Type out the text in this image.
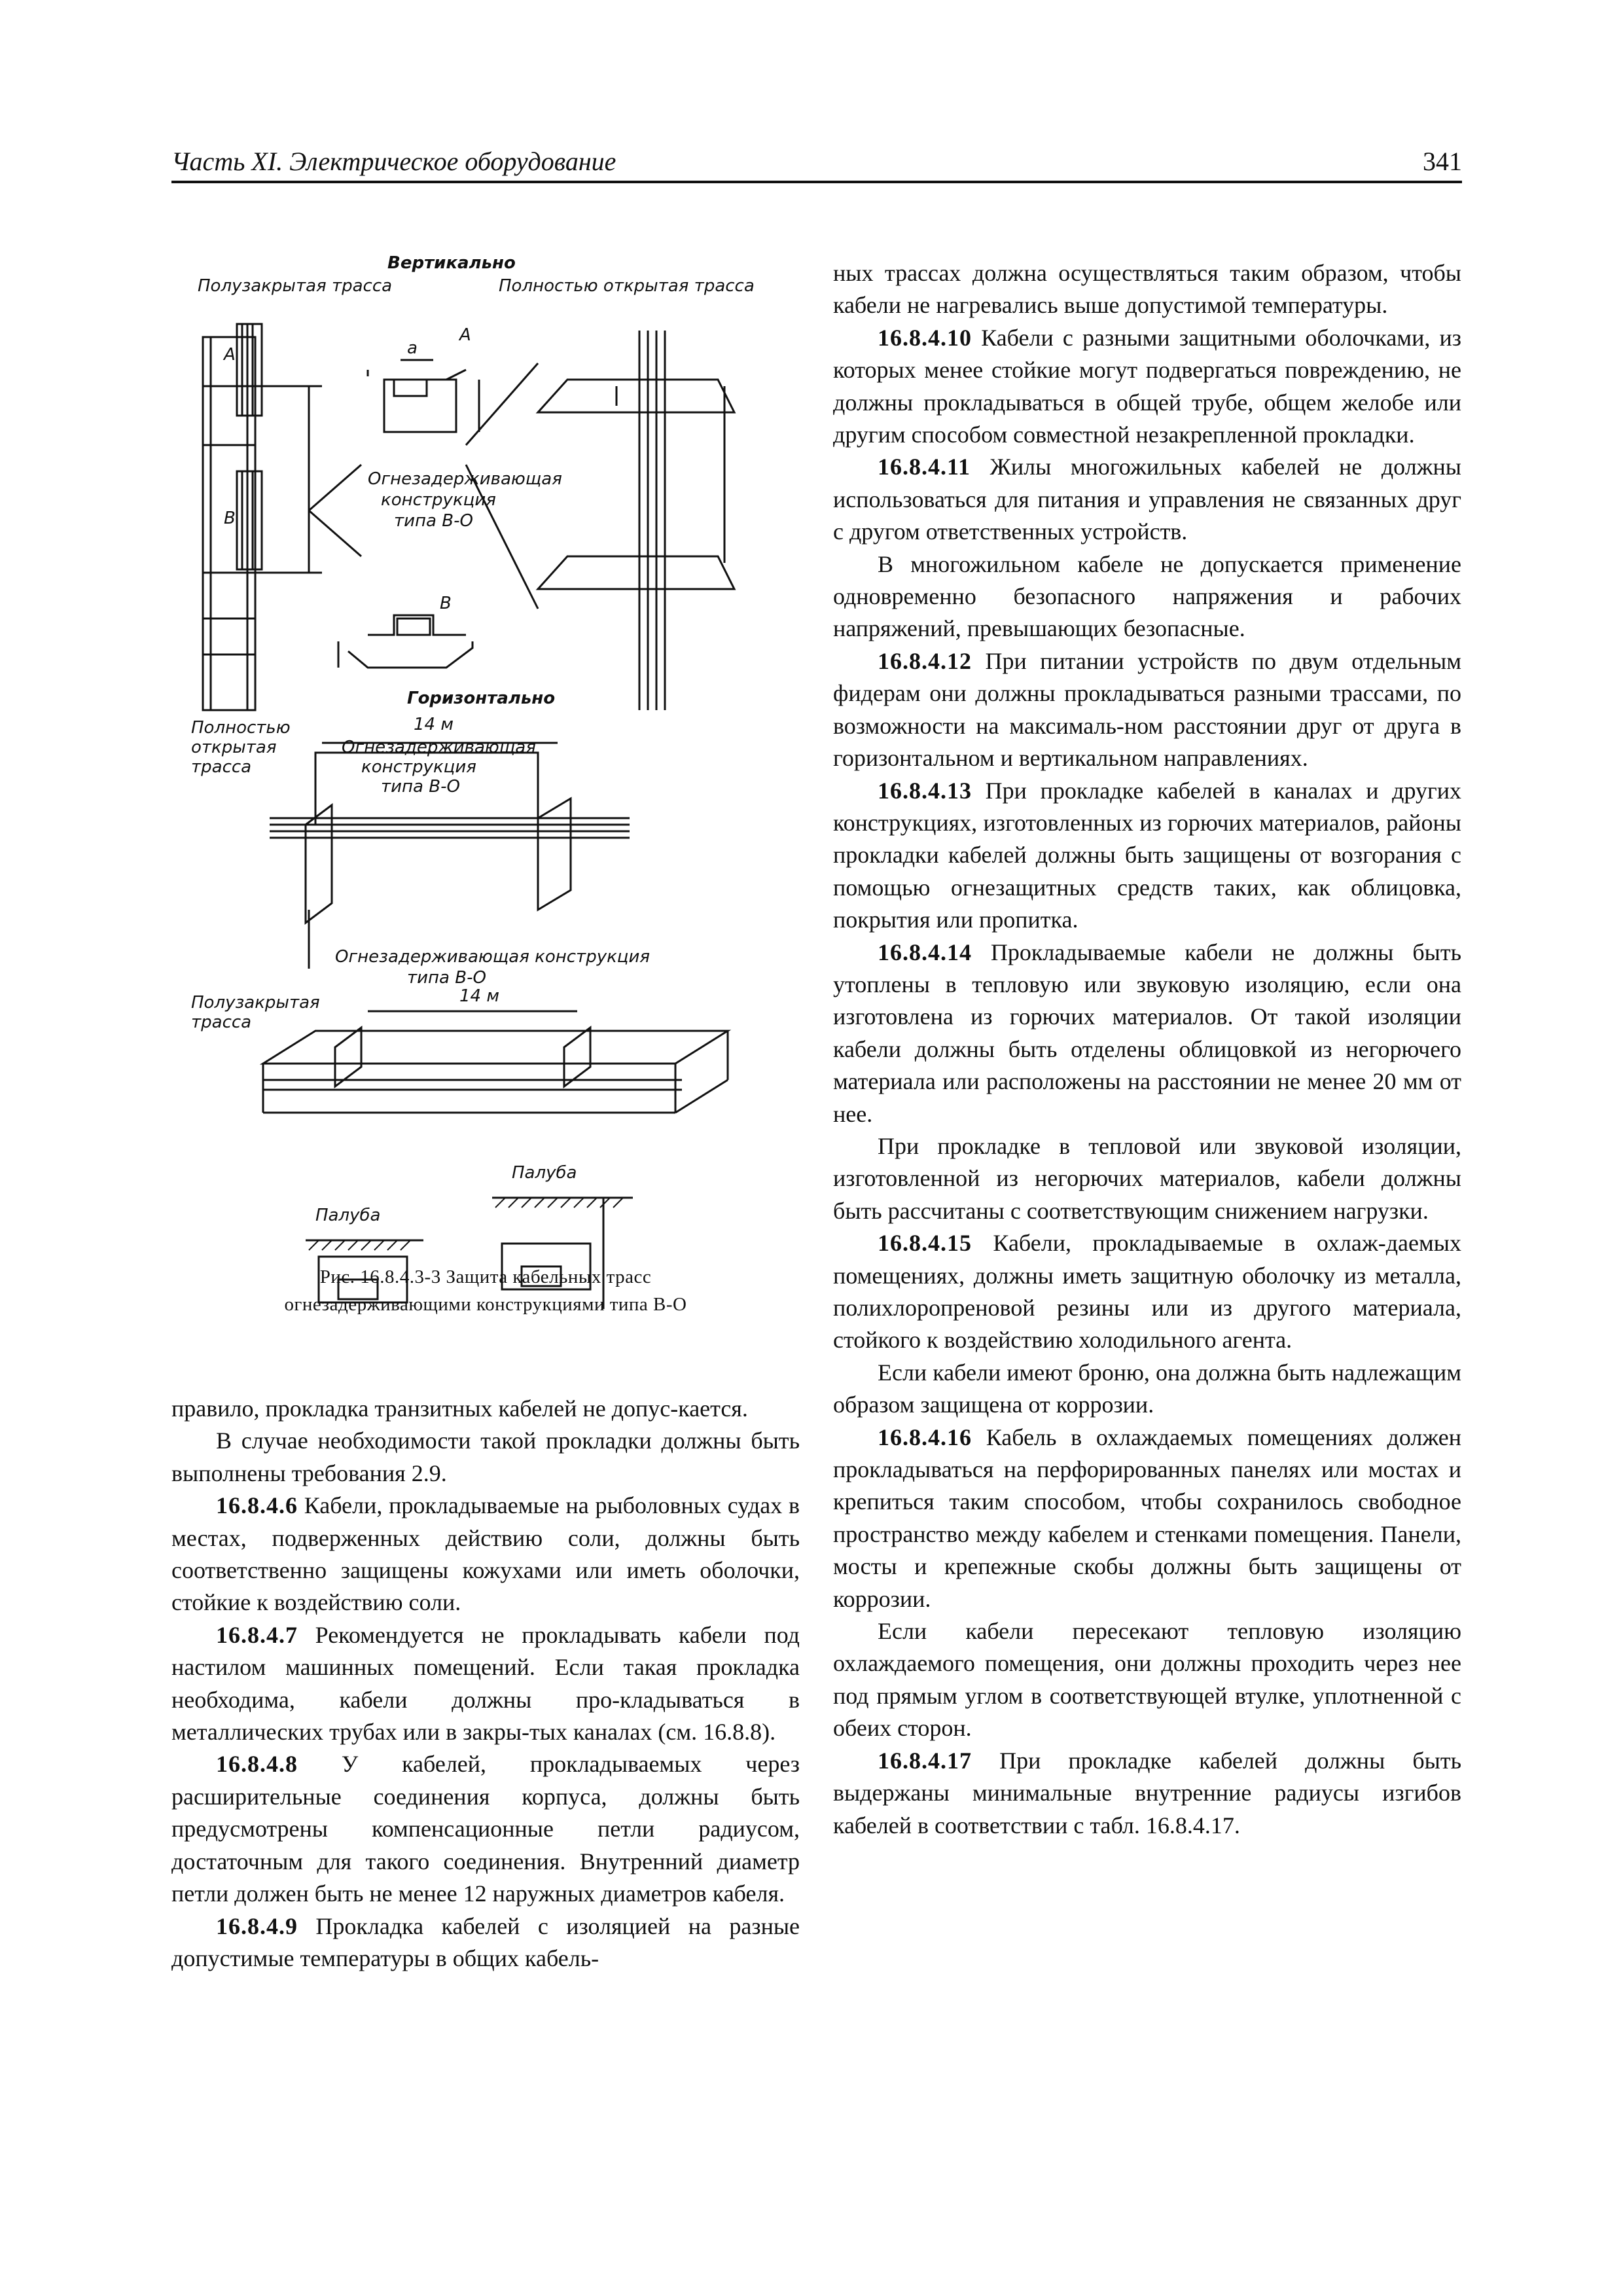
Часть XI. Электрическое оборудование	341
Вертикально
Полузакрытая трасса	Полностью открытая трасса
А
А
а
В
В
Огнезадерживающая
конструкция
типа В-О
Горизонтально
Полностью
открытая
трасса
14 м
Огнезадерживающая
конструкция
типа В-О
Огнезадерживающая конструкция
типа В-О
14 м
Полузакрытая
трасса
Палуба
Палуба
Рис. 16.8.4.3-3 Защита кабельных трасс
огнезадерживающими конструкциями типа В-О

правило, прокладка транзитных кабелей не допус-кается.

В случае необходимости такой прокладки должны быть выполнены требования 2.9.

16.8.4.6 Кабели, прокладываемые на рыболовных судах в местах, подверженных действию соли, должны быть соответственно защищены кожухами или иметь оболочки, стойкие к воздействию соли.

16.8.4.7 Рекомендуется не прокладывать кабели под настилом машинных помещений. Если такая прокладка необходима, кабели должны про-кладываться в металлических трубах или в закры-тых каналах (см. 16.8.8).

16.8.4.8 У кабелей, прокладываемых через расширительные соединения корпуса, должны быть предусмотрены компенсационные петли радиусом, достаточным для такого соединения. Внутренний диаметр петли должен быть не менее 12 наружных диаметров кабеля.

16.8.4.9 Прокладка кабелей с изоляцией на разные допустимые температуры в общих кабель-

ных трассах должна осуществляться таким образом, чтобы кабели не нагревались выше допустимой температуры.

16.8.4.10 Кабели с разными защитными оболочками, из которых менее стойкие могут подвергаться повреждению, не должны прокладываться в общей трубе, общем желобе или другим способом совместной незакрепленной прокладки.

16.8.4.11 Жилы многожильных кабелей не должны использоваться для питания и управления не связанных друг с другом ответственных устройств.

В многожильном кабеле не допускается применение одновременно безопасного напряжения и рабочих напряжений, превышающих безопасные.

16.8.4.12 При питании устройств по двум отдельным фидерам они должны прокладываться разными трассами, по возможности на максималь-ном расстоянии друг от друга в горизонтальном и вертикальном направлениях.

16.8.4.13 При прокладке кабелей в каналах и других конструкциях, изготовленных из горючих материалов, районы прокладки кабелей должны быть защищены от возгорания с помощью огнезащитных средств таких, как облицовка, покрытия или пропитка.

16.8.4.14 Прокладываемые кабели не должны быть утоплены в тепловую или звуковую изоляцию, если она изготовлена из горючих материалов. От такой изоляции кабели должны быть отделены облицовкой из негорючего материала или расположены на расстоянии не менее 20 мм от нее.

При прокладке в тепловой или звуковой изоляции, изготовленной из негорючих материалов, кабели должны быть рассчитаны с соответствующим снижением нагрузки.

16.8.4.15 Кабели, прокладываемые в охлаж-даемых помещениях, должны иметь защитную оболочку из металла, полихлоропреновой резины или из другого материала, стойкого к воздействию холодильного агента.

Если кабели имеют броню, она должна быть надлежащим образом защищена от коррозии.

16.8.4.16 Кабель в охлаждаемых помещениях должен прокладываться на перфорированных панелях или мостах и крепиться таким способом, чтобы сохранилось свободное пространство между кабелем и стенками помещения. Панели, мосты и крепежные скобы должны быть защищены от коррозии.

Если кабели пересекают тепловую изоляцию охлаждаемого помещения, они должны проходить через нее под прямым углом в соответствующей втулке, уплотненной с обеих сторон.

16.8.4.17 При прокладке кабелей должны быть выдержаны минимальные внутренние радиусы изгибов кабелей в соответствии с табл. 16.8.4.17.
